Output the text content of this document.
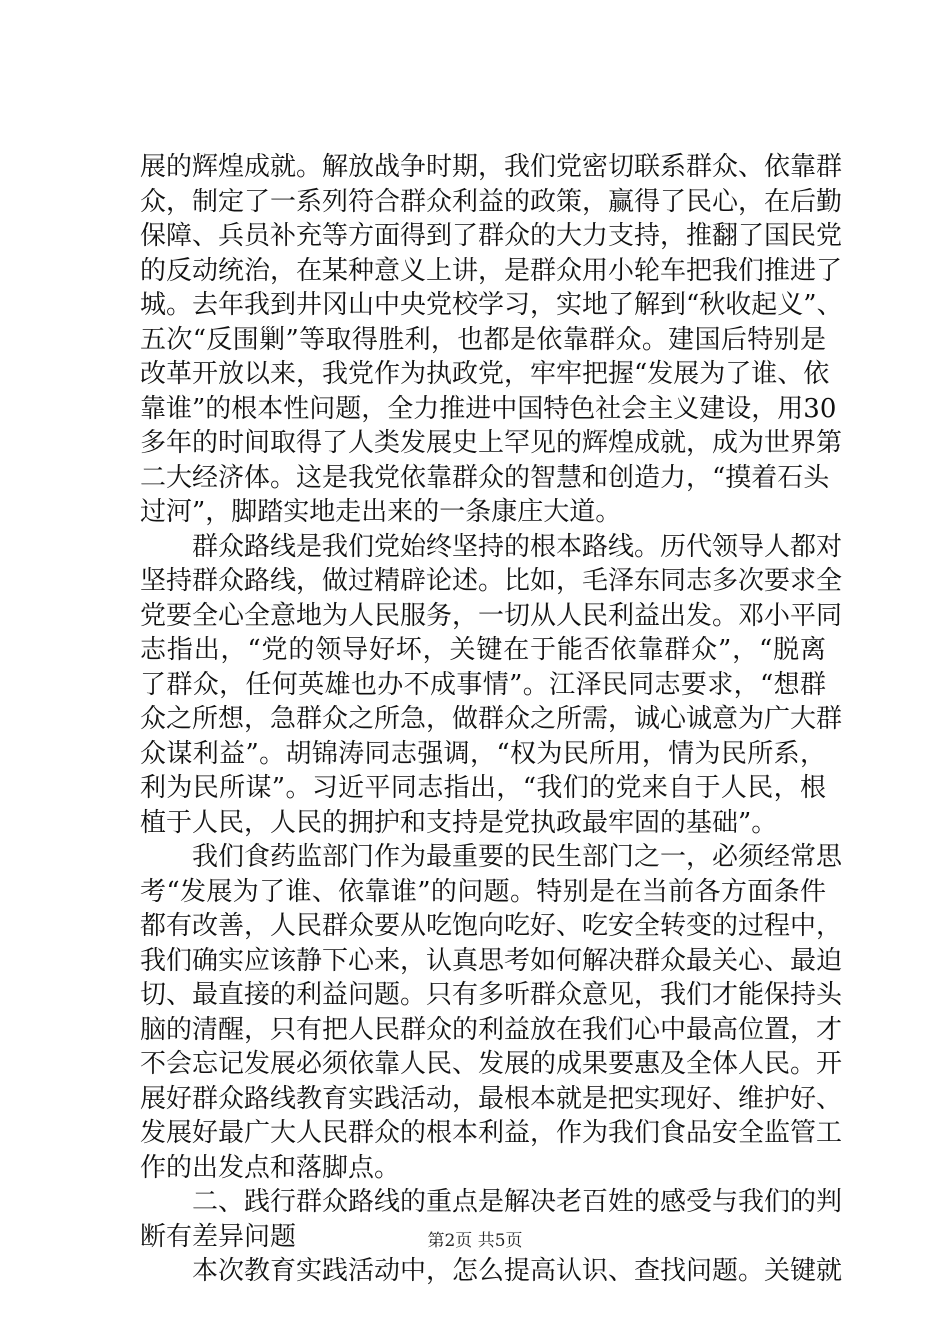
展的辉煌成就。解放战争时期，我们党密切联系群众、依靠群
众，制定了一系列符合群众利益的政策，赢得了民心，在后勤
保障、兵员补充等方面得到了群众的大力支持，推翻了国民党
的反动统治，在某种意义上讲，是群众用小轮车把我们推进了
城。去年我到井冈山中央党校学习，实地了解到“秋收起义”、
五次“反围剿”等取得胜利，也都是依靠群众。建国后特别是
改革开放以来，我党作为执政党，牢牢把握“发展为了谁、依
靠谁”的根本性问题，全力推进中国特色社会主义建设，用30
多年的时间取得了人类发展史上罕见的辉煌成就，成为世界第
二大经济体。这是我党依靠群众的智慧和创造力，“摸着石头
过河”，脚踏实地走出来的一条康庄大道。
群众路线是我们党始终坚持的根本路线。历代领导人都对
坚持群众路线，做过精辟论述。比如，毛泽东同志多次要求全
党要全心全意地为人民服务，一切从人民利益出发。邓小平同
志指出，“党的领导好坏，关键在于能否依靠群众”，“脱离
了群众，任何英雄也办不成事情”。江泽民同志要求，“想群
众之所想，急群众之所急，做群众之所需，诚心诚意为广大群
众谋利益”。胡锦涛同志强调，“权为民所用，情为民所系，
利为民所谋”。习近平同志指出，“我们的党来自于人民，根
植于人民，人民的拥护和支持是党执政最牢固的基础”。
我们食药监部门作为最重要的民生部门之一，必须经常思
考“发展为了谁、依靠谁”的问题。特别是在当前各方面条件
都有改善，人民群众要从吃饱向吃好、吃安全转变的过程中，
我们确实应该静下心来，认真思考如何解决群众最关心、最迫
切、最直接的利益问题。只有多听群众意见，我们才能保持头
脑的清醒，只有把人民群众的利益放在我们心中最高位置，才
不会忘记发展必须依靠人民、发展的成果要惠及全体人民。开
展好群众路线教育实践活动，最根本就是把实现好、维护好、
发展好最广大人民群众的根本利益，作为我们食品安全监管工
作的出发点和落脚点。
二、践行群众路线的重点是解决老百姓的感受与我们的判
断有差异问题
本次教育实践活动中，怎么提高认识、查找问题。关键就
第2页 共5页
